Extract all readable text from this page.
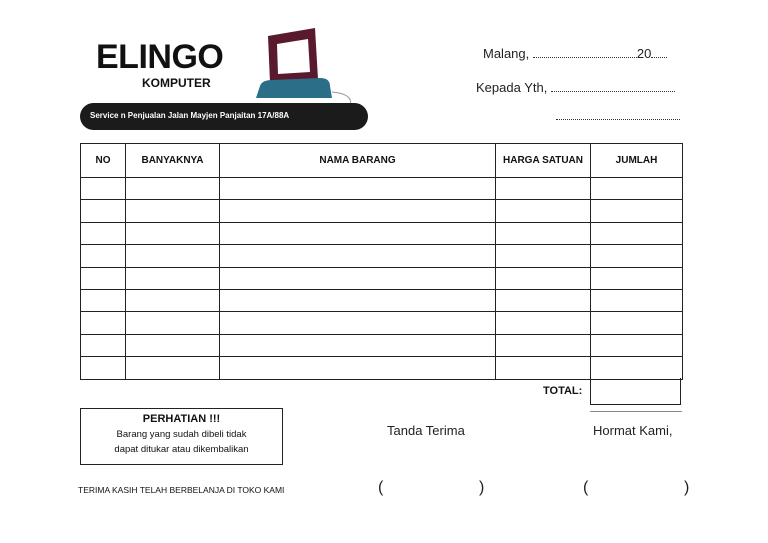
ELINGO
KOMPUTER
Service n Penjualan Jalan Mayjen Panjaitan 17A/88A
Malang,	20
Kepada Yth,
NO	BANYAKNYA	NAMA BARANG	HARGA SATUAN	JUMLAH

TOTAL:
PERHATIAN !!!
Barang yang sudah dibeli tidak
dapat ditukar atau dikembalikan
Tanda Terima	Hormat Kami,
(	)	(	)
TERIMA KASIH TELAH BERBELANJA DI TOKO KAMI
